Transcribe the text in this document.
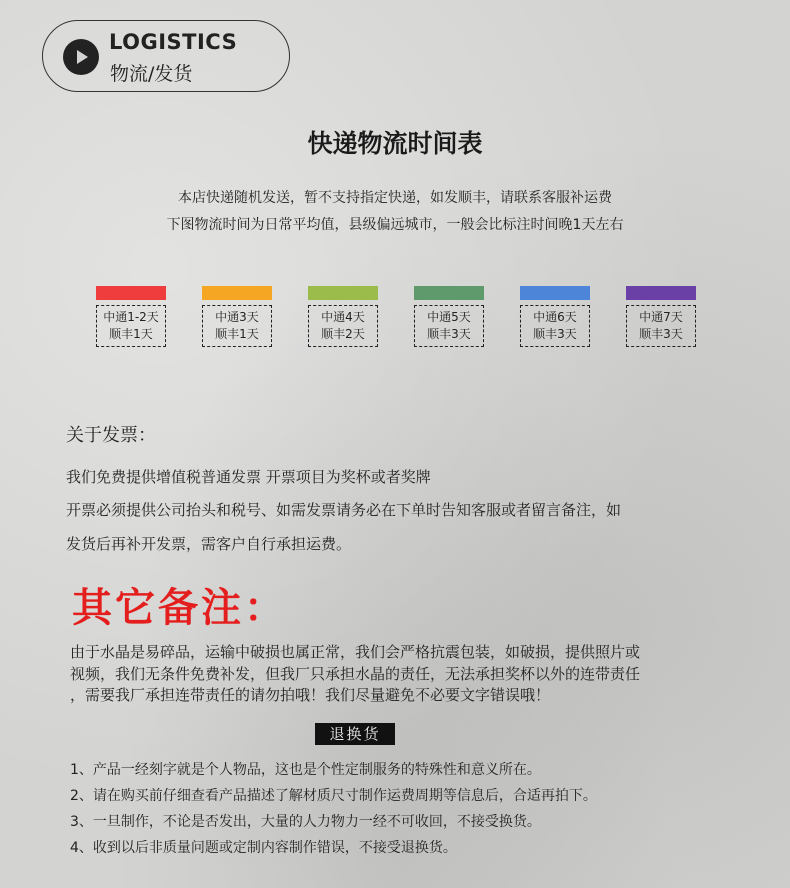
LOGISTICS
物流/发货
快递物流时间表
本店快递随机发送，暂不支持指定快递，如发顺丰，请联系客服补运费
下图物流时间为日常平均值，县级偏远城市，一般会比标注时间晚1天左右
中通1-2天
顺丰1天
中通3天
顺丰1天
中通4天
顺丰2天
中通5天
顺丰3天
中通6天
顺丰3天
中通7天
顺丰3天
关于发票：
我们免费提供增值税普通发票 开票项目为奖杯或者奖牌
开票必须提供公司抬头和税号、如需发票请务必在下单时告知客服或者留言备注，如
发货后再补开发票，需客户自行承担运费。
其它备注：
由于水晶是易碎品，运输中破损也属正常，我们会严格抗震包装，如破损，提供照片或
视频，我们无条件免费补发，但我厂只承担水晶的责任，无法承担奖杯以外的连带责任
，需要我厂承担连带责任的请勿拍哦！我们尽量避免不必要文字错误哦！
退换货
1、产品一经刻字就是个人物品，这也是个性定制服务的特殊性和意义所在。
2、请在购买前仔细查看产品描述了解材质尺寸制作运费周期等信息后，合适再拍下。
3、一旦制作，不论是否发出，大量的人力物力一经不可收回，不接受换货。
4、收到以后非质量问题或定制内容制作错误，不接受退换货。
